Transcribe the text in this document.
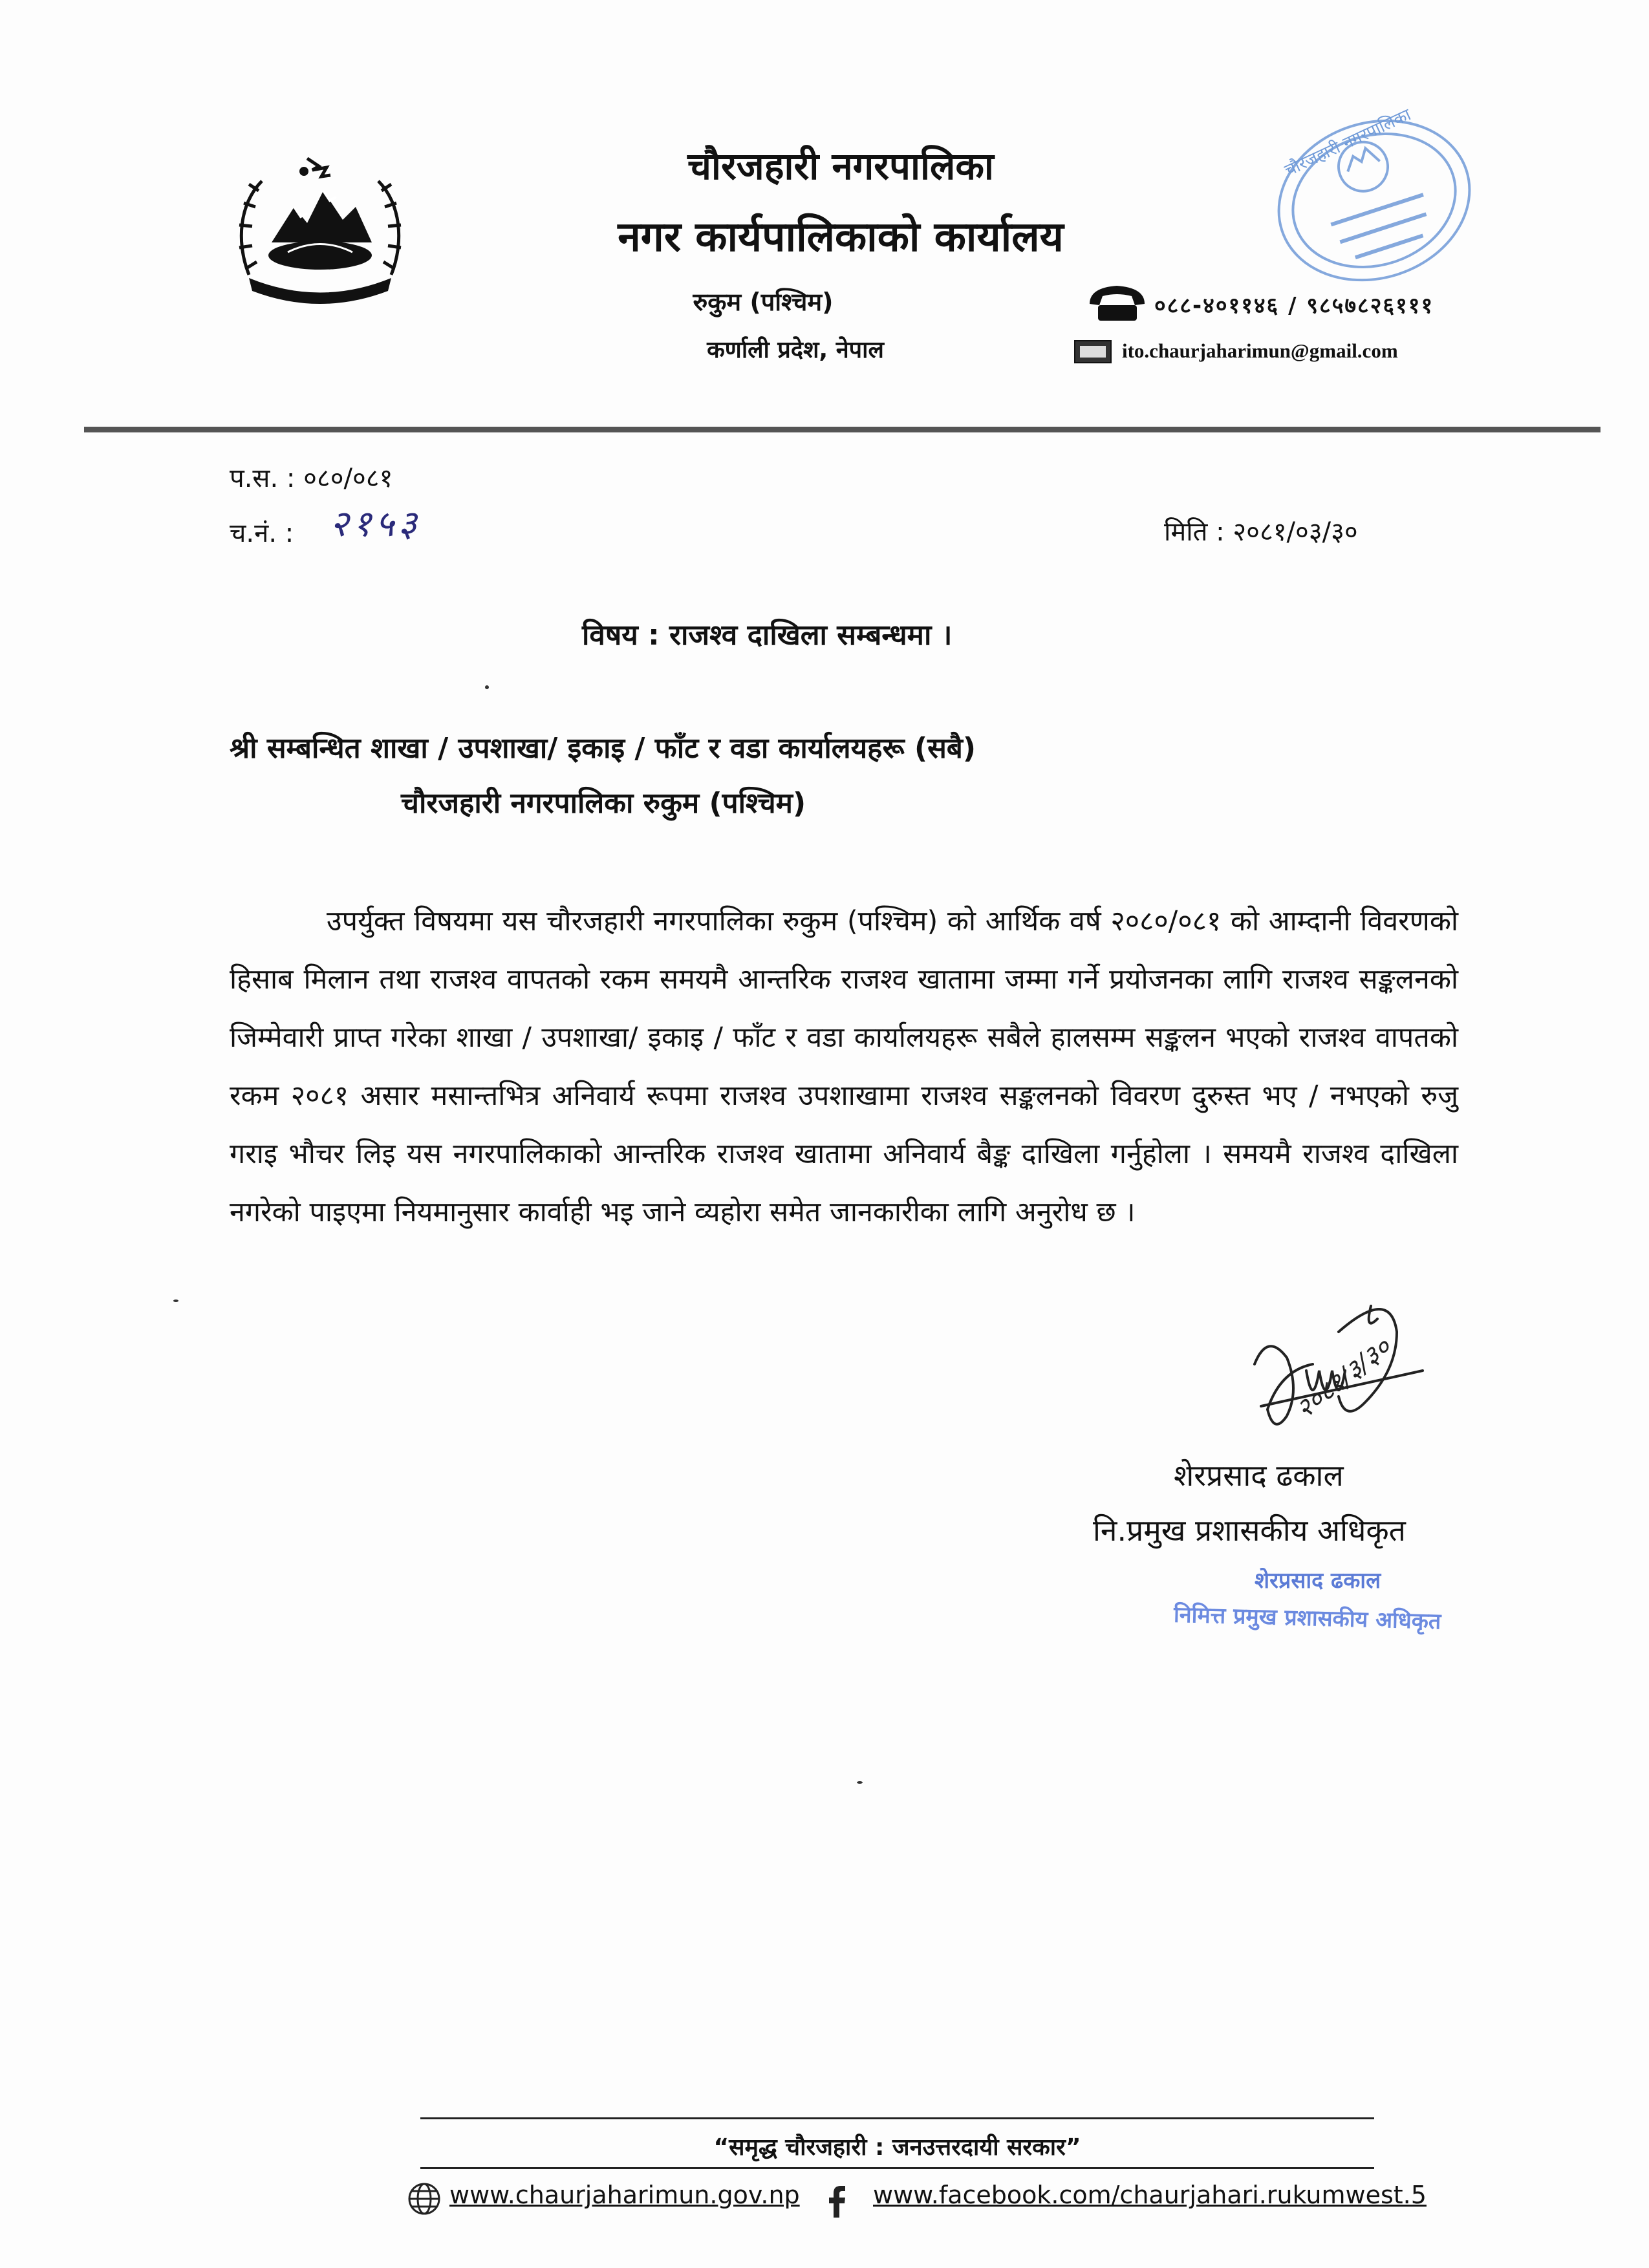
चौरजहारी नगरपालिका
नगर कार्यपालिकाको कार्यालय
रुकुम (पश्चिम)
कर्णाली प्रदेश, नेपाल
चौरजहारी नगरपालिका
०८८-४०११४६ / ९८५७८२६१११
ito.chaurjaharimun@gmail.com
प.स. : ०८०/०८१
च.नं. : २१५३	मिति : २०८१/०३/३०
विषय : राजश्व दाखिला सम्बन्धमा ।
श्री सम्बन्धित शाखा / उपशाखा/ इकाइ / फाँट र वडा कार्यालयहरू (सबै)
चौरजहारी नगरपालिका रुकुम (पश्चिम)
उपर्युक्त विषयमा यस चौरजहारी नगरपालिका रुकुम (पश्चिम) को आर्थिक वर्ष २०८०/०८१ को आम्दानी विवरणको हिसाब मिलान तथा राजश्व वापतको रकम समयमै आन्तरिक राजश्व खातामा जम्मा गर्ने प्रयोजनका लागि राजश्व सङ्कलनको जिम्मेवारी प्राप्त गरेका शाखा / उपशाखा/ इकाइ / फाँट र वडा कार्यालयहरू सबैले हालसम्म सङ्कलन भएको राजश्व वापतको रकम २०८१ असार मसान्तभित्र अनिवार्य रूपमा राजश्व उपशाखामा राजश्व सङ्कलनको विवरण दुरुस्त भए / नभएको रुजु गराइ भौचर लिइ यस नगरपालिकाको आन्तरिक राजश्व खातामा अनिवार्य बैङ्क दाखिला गर्नुहोला । समयमै राजश्व दाखिला नगरेको पाइएमा नियमानुसार कार्वाही भइ जाने व्यहोरा समेत जानकारीका लागि अनुरोध छ ।
२०८१/३/३०
शेरप्रसाद ढकाल
नि.प्रमुख प्रशासकीय अधिकृत
शेरप्रसाद ढकाल
निमित्त प्रमुख प्रशासकीय अधिकृत
“समृद्ध चौरजहारी : जनउत्तरदायी सरकार”
www.chaurjaharimun.gov.np	www.facebook.com/chaurjahari.rukumwest.5
